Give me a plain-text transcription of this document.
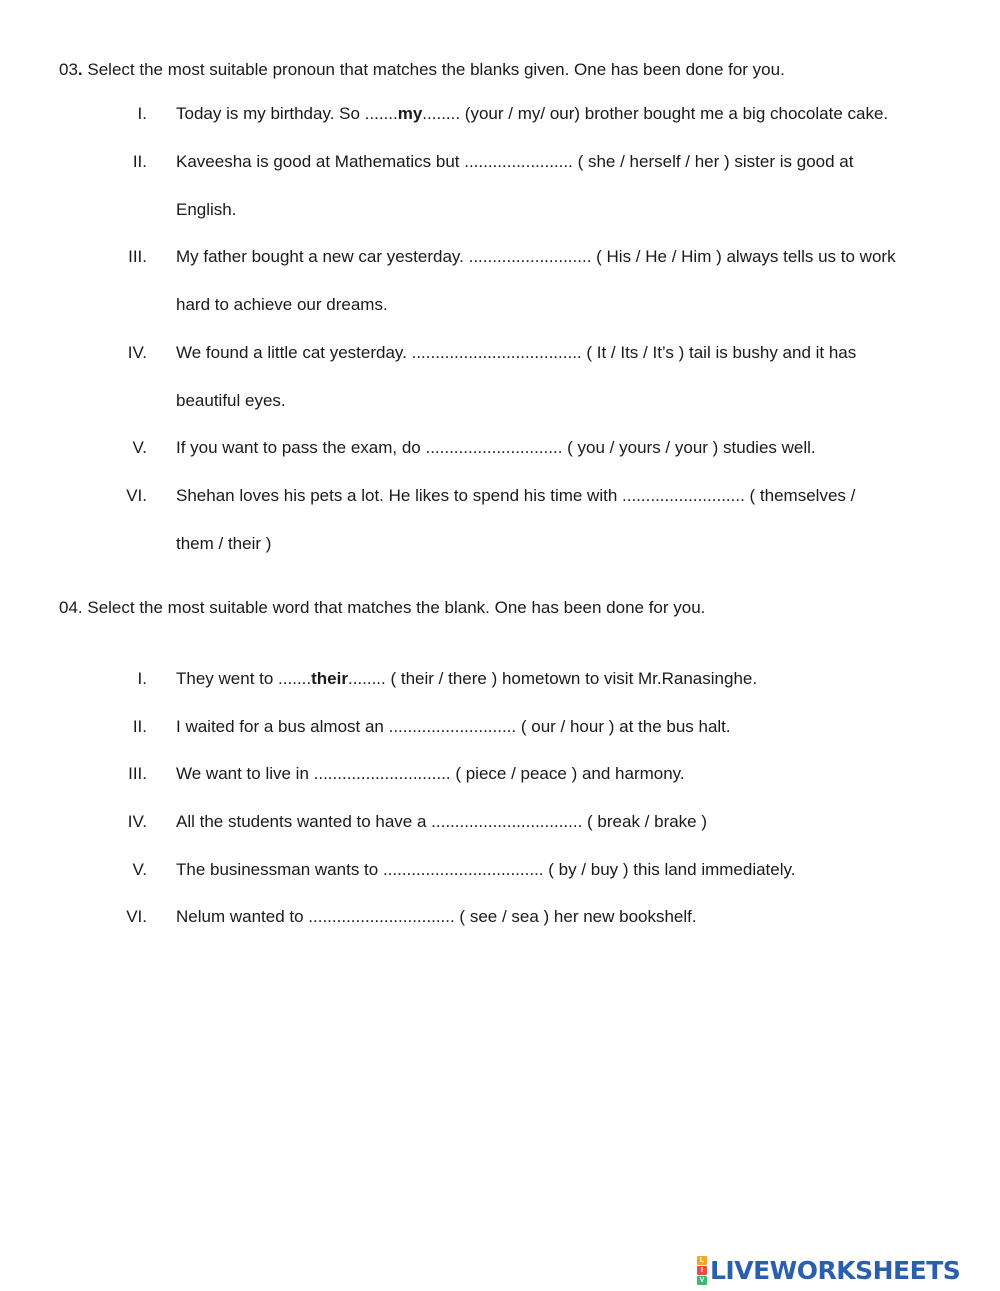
03. Select the most suitable pronoun that matches the blanks given. One has been done for you.
I. Today is my birthday. So .......my........ (your / my/ our) brother bought me a big chocolate cake.
II. Kaveesha is good at Mathematics but ....................... ( she / herself / her ) sister is good at
English.
III. My father bought a new car yesterday. .......................... ( His / He / Him ) always tells us to work
hard to achieve our dreams.
IV. We found a little cat yesterday. .................................... ( It / Its / It’s ) tail is bushy and it has
beautiful eyes.
V. If you want to pass the exam, do ............................. ( you / yours / your ) studies well.
VI. Shehan loves his pets a lot. He likes to spend his time with .......................... ( themselves /
them / their )
04. Select the most suitable word that matches the blank. One has been done for you.
I. They went to .......their........ ( their / there ) hometown to visit Mr.Ranasinghe.
II. I waited for a bus almost an ........................... ( our / hour ) at the bus halt.
III. We want to live in ............................. ( piece / peace ) and harmony.
IV. All the students wanted to have a ................................ ( break / brake )
V. The businessman wants to .................................. ( by / buy ) this land immediately.
VI. Nelum wanted to ............................... ( see / sea ) her new bookshelf.
L
I
V LIVEWORKSHEETS
